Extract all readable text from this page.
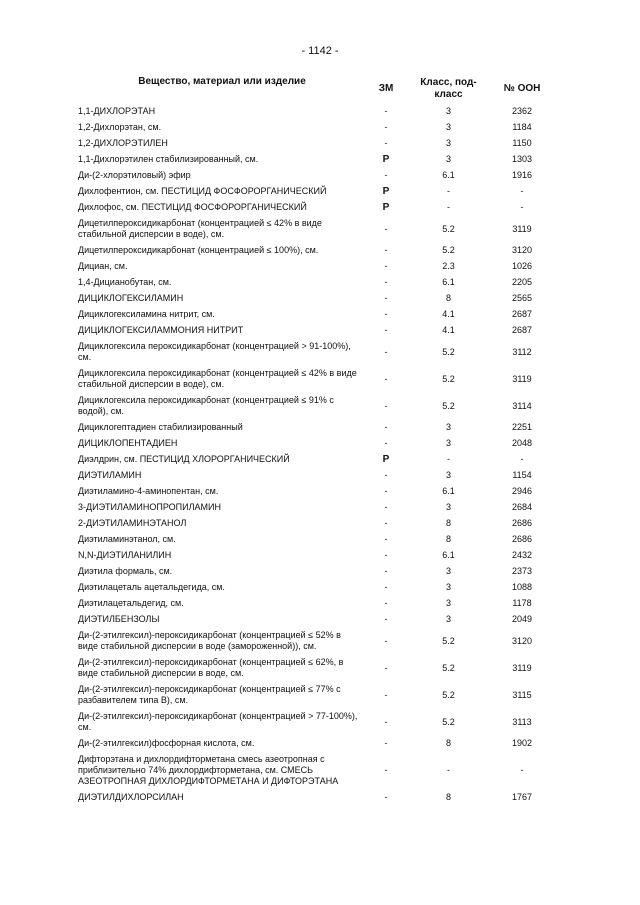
- 1142 -
Вещество, материал или изделие	ЗМ	Класс, под-
класс	№ ООН
1,1-ДИХЛОРЭТАН	-	3	2362
1,2-Дихлорэтан, см.	-	3	1184
1,2-ДИХЛОРЭТИЛЕН	-	3	1150
1,1-Дихлорэтилен стабилизированный, см.	P	3	1303
Ди-(2-хлорэтиловый) эфир	-	6.1	1916
Дихлофентион, см. ПЕСТИЦИД ФОСФОРОРГАНИЧЕСКИЙ	P	-	-
Дихлофос, см. ПЕСТИЦИД ФОСФОРОРГАНИЧЕСКИЙ	P	-	-
Дицетилпероксидикарбонат (концентрацией ≤ 42% в виде стабильной дисперсии в воде), см.	-	5.2	3119
Дицетилпероксидикарбонат (концентрацией ≤ 100%), см.	-	5.2	3120
Дициан, см.	-	2.3	1026
1,4-Дицианобутан, см.	-	6.1	2205
ДИЦИКЛОГЕКСИЛАМИН	-	8	2565
Дициклогексиламина нитрит, см.	-	4.1	2687
ДИЦИКЛОГЕКСИЛАММОНИЯ НИТРИТ	-	4.1	2687
Дициклогексила пероксидикарбонат (концентрацией > 91-100%), см.	-	5.2	3112
Дициклогексила пероксидикарбонат (концентрацией ≤ 42% в виде стабильной дисперсии в воде), см.	-	5.2	3119
Дициклогексила пероксидикарбонат (концентрацией ≤ 91% с водой), см.	-	5.2	3114
Дициклогептадиен стабилизированный	-	3	2251
ДИЦИКЛОПЕНТАДИЕН	-	3	2048
Диэлдрин, см. ПЕСТИЦИД ХЛОРОРГАНИЧЕСКИЙ	P	-	-
ДИЭТИЛАМИН	-	3	1154
Диэтиламино-4-аминопентан, см.	-	6.1	2946
3-ДИЭТИЛАМИНОПРОПИЛАМИН	-	3	2684
2-ДИЭТИЛАМИНЭТАНОЛ	-	8	2686
Диэтиламинэтанол, см.	-	8	2686
N,N-ДИЭТИЛАНИЛИН	-	6.1	2432
Диэтила формаль, см.	-	3	2373
Диэтилацеталь ацетальдегида, см.	-	3	1088
Диэтилацетальдегид, см.	-	3	1178
ДИЭТИЛБЕНЗОЛЫ	-	3	2049
Ди-(2-этилгексил)-пероксидикарбонат (концентрацией ≤ 52% в виде стабильной дисперсии в воде (замороженной)), см.	-	5.2	3120
Ди-(2-этилгексил)-пероксидикарбонат (концентрацией ≤ 62%, в виде стабильной дисперсии в воде, см.	-	5.2	3119
Ди-(2-этилгексил)-пероксидикарбонат (концентрацией ≤ 77% с разбавителем типа B), см.	-	5.2	3115
Ди-(2-этилгексил)-пероксидикарбонат (концентрацией > 77-100%), см.	-	5.2	3113
Ди-(2-этилгексил)фосфорная кислота, см.	-	8	1902
Дифторэтана и дихлордифторметана смесь азеотропная с приблизительно 74% дихлордифторметана, см. СМЕСЬ АЗЕОТРОПНАЯ ДИХЛОРДИФТОРМЕТАНА И ДИФТОРЭТАНА	-	-	-
ДИЭТИЛДИХЛОРСИЛАН	-	8	1767
